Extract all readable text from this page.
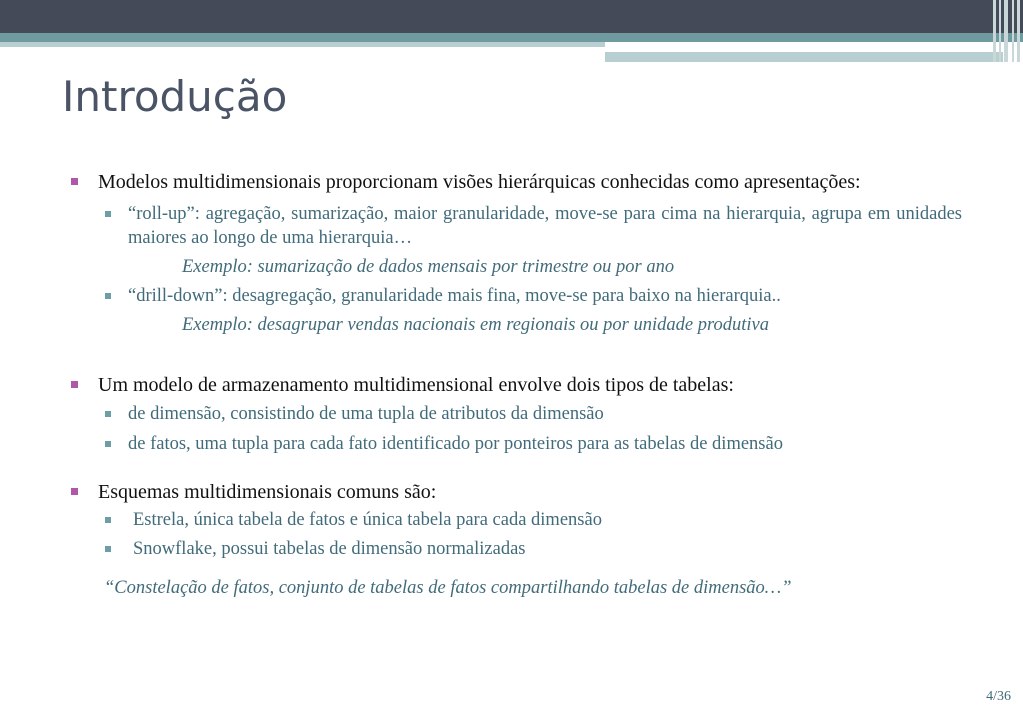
Introdução
Modelos multidimensionais proporcionam visões hierárquicas conhecidas como apresentações:
“roll-up”: agregação, sumarização, maior granularidade, move-se para cima na hierarquia, agrupa em unidades maiores ao longo de uma hierarquia…
Exemplo: sumarização de dados mensais por trimestre ou por ano
“drill-down”: desagregação, granularidade mais fina, move-se para baixo na hierarquia..
Exemplo: desagrupar vendas nacionais em regionais ou por unidade produtiva
Um modelo de armazenamento multidimensional envolve dois tipos de tabelas:
de dimensão, consistindo de uma tupla de atributos da dimensão
de fatos, uma tupla para cada fato identificado por ponteiros para as tabelas de dimensão
Esquemas multidimensionais comuns são:
Estrela, única tabela de fatos e única tabela para cada dimensão
Snowflake, possui tabelas de dimensão normalizadas
“Constelação de fatos, conjunto de tabelas de fatos compartilhando tabelas de dimensão…”
4/36
